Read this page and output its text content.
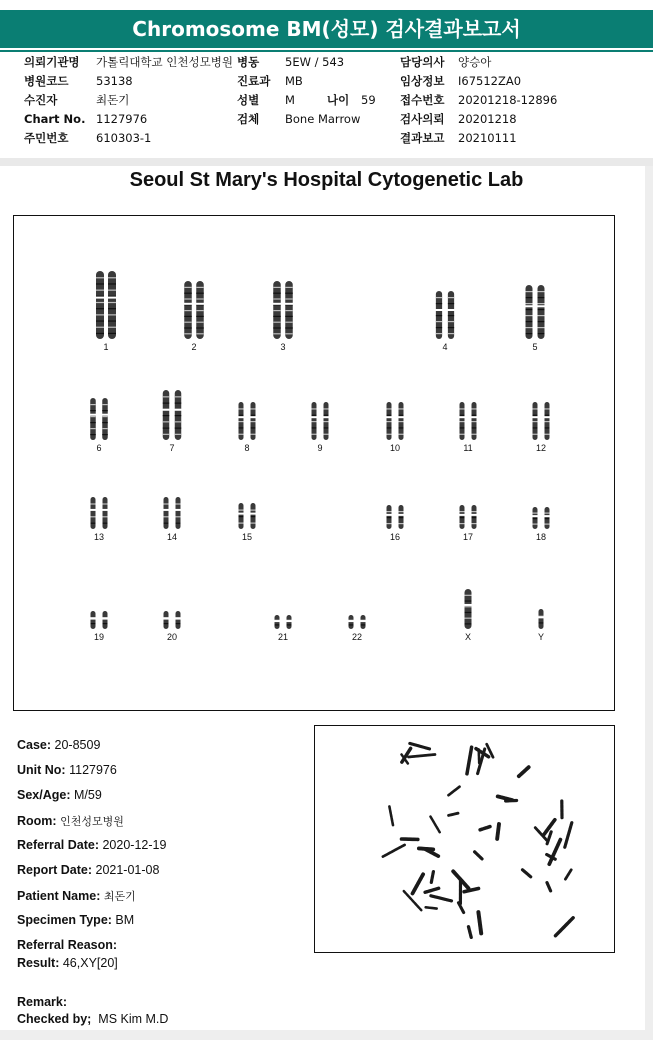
Chromosome BM(성모) 검사결과보고서
의뢰기관명 가톨릭대학교 인천성모병원
병원코드 53138
수진자	최돈기
Chart No. 1127976
주민번호 610303-1
병동 5EW / 543
진료과 MB
성별 M	나이 59
검체 Bone Marrow
담당의사 양승아
임상정보 I67512ZA0
접수번호 20201218-12896
검사의뢰 20201218
결과보고 20210111
Seoul St Mary's Hospital Cytogenetic Lab
1	2	3	4	5
6	7	8	9	10	11	12
13	14	15	16	17	18
19	20	21	22	X	Y
Case: 20-8509
Unit No: 1127976
Sex/Age: M/59
Room: 인천성모병원
Referral Date: 2020-12-19
Report Date: 2021-01-08
Patient Name: 최돈기
Specimen Type: BM
Referral Reason:
Result: 46,XY[20]
Remark:
Checked by; MS Kim M.D
